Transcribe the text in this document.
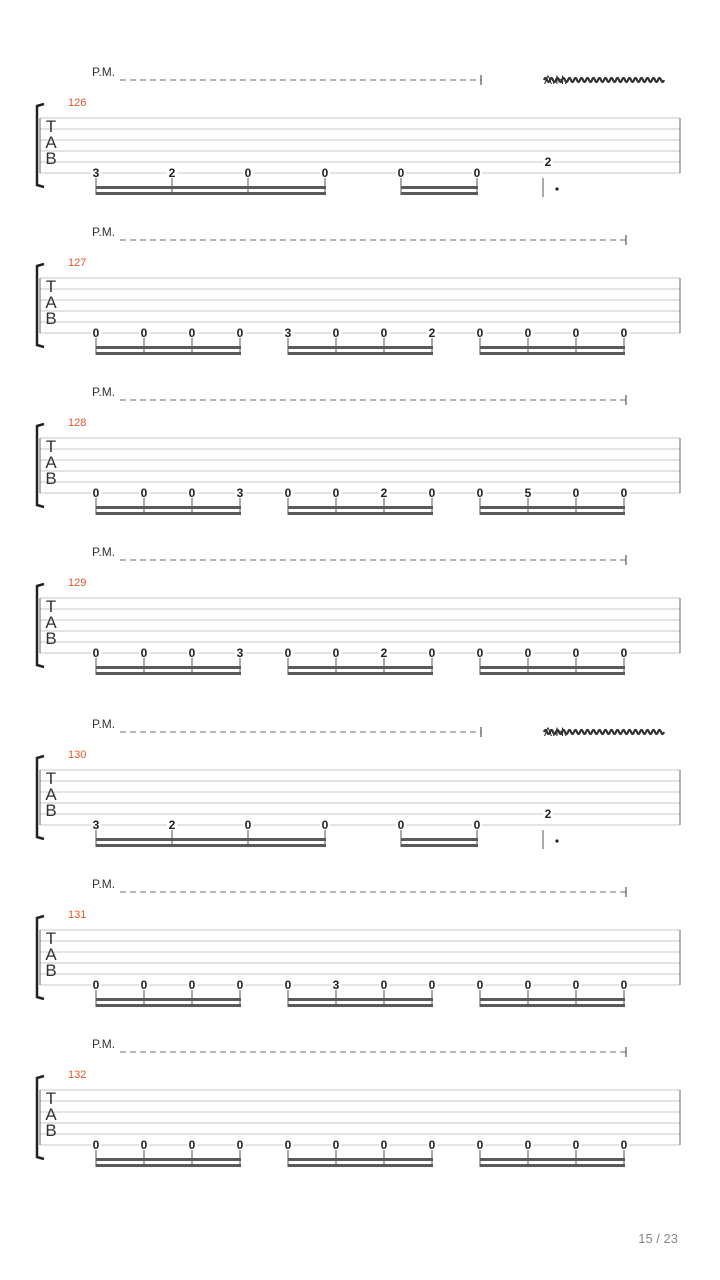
P.M.
A.H.
126
T
A
B
3	2	0	0	0	0
2
P.M.
127
T
A
B
0	0	0	0	3	0	0	2	0	0	0	0
P.M.
128
T
A
B
0	0	0	3	0	0	2	0	0	5	0	0
P.M.
129
T
A
B
0	0	0	3	0	0	2	0	0	0	0	0
P.M.
A.H.
130
T
A
B
3	2	0	0	0	0
2
P.M.
131
T
A
B
0	0	0	0	0	3	0	0	0	0	0	0
P.M.
132
T
A
B
0	0	0	0	0	0	0	0	0	0	0	0
15 / 23
